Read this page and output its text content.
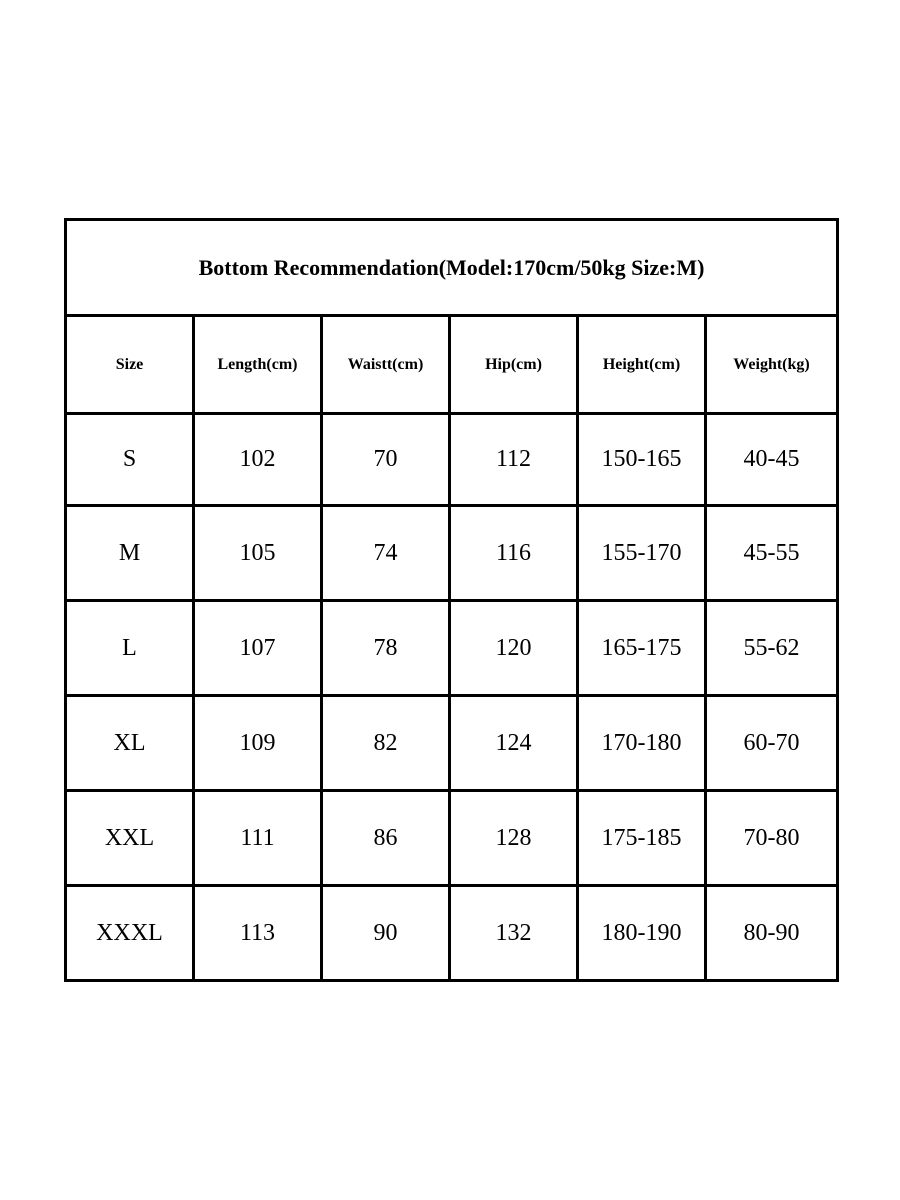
Bottom Recommendation(Model:170cm/50kg Size:M)					
Size	Length(cm)	Waistt(cm)	Hip(cm)	Height(cm)	Weight(kg)
S	102	70	112	150-165	40-45
M	105	74	116	155-170	45-55
L	107	78	120	165-175	55-62
XL	109	82	124	170-180	60-70
XXL	111	86	128	175-185	70-80
XXXL	113	90	132	180-190	80-90
